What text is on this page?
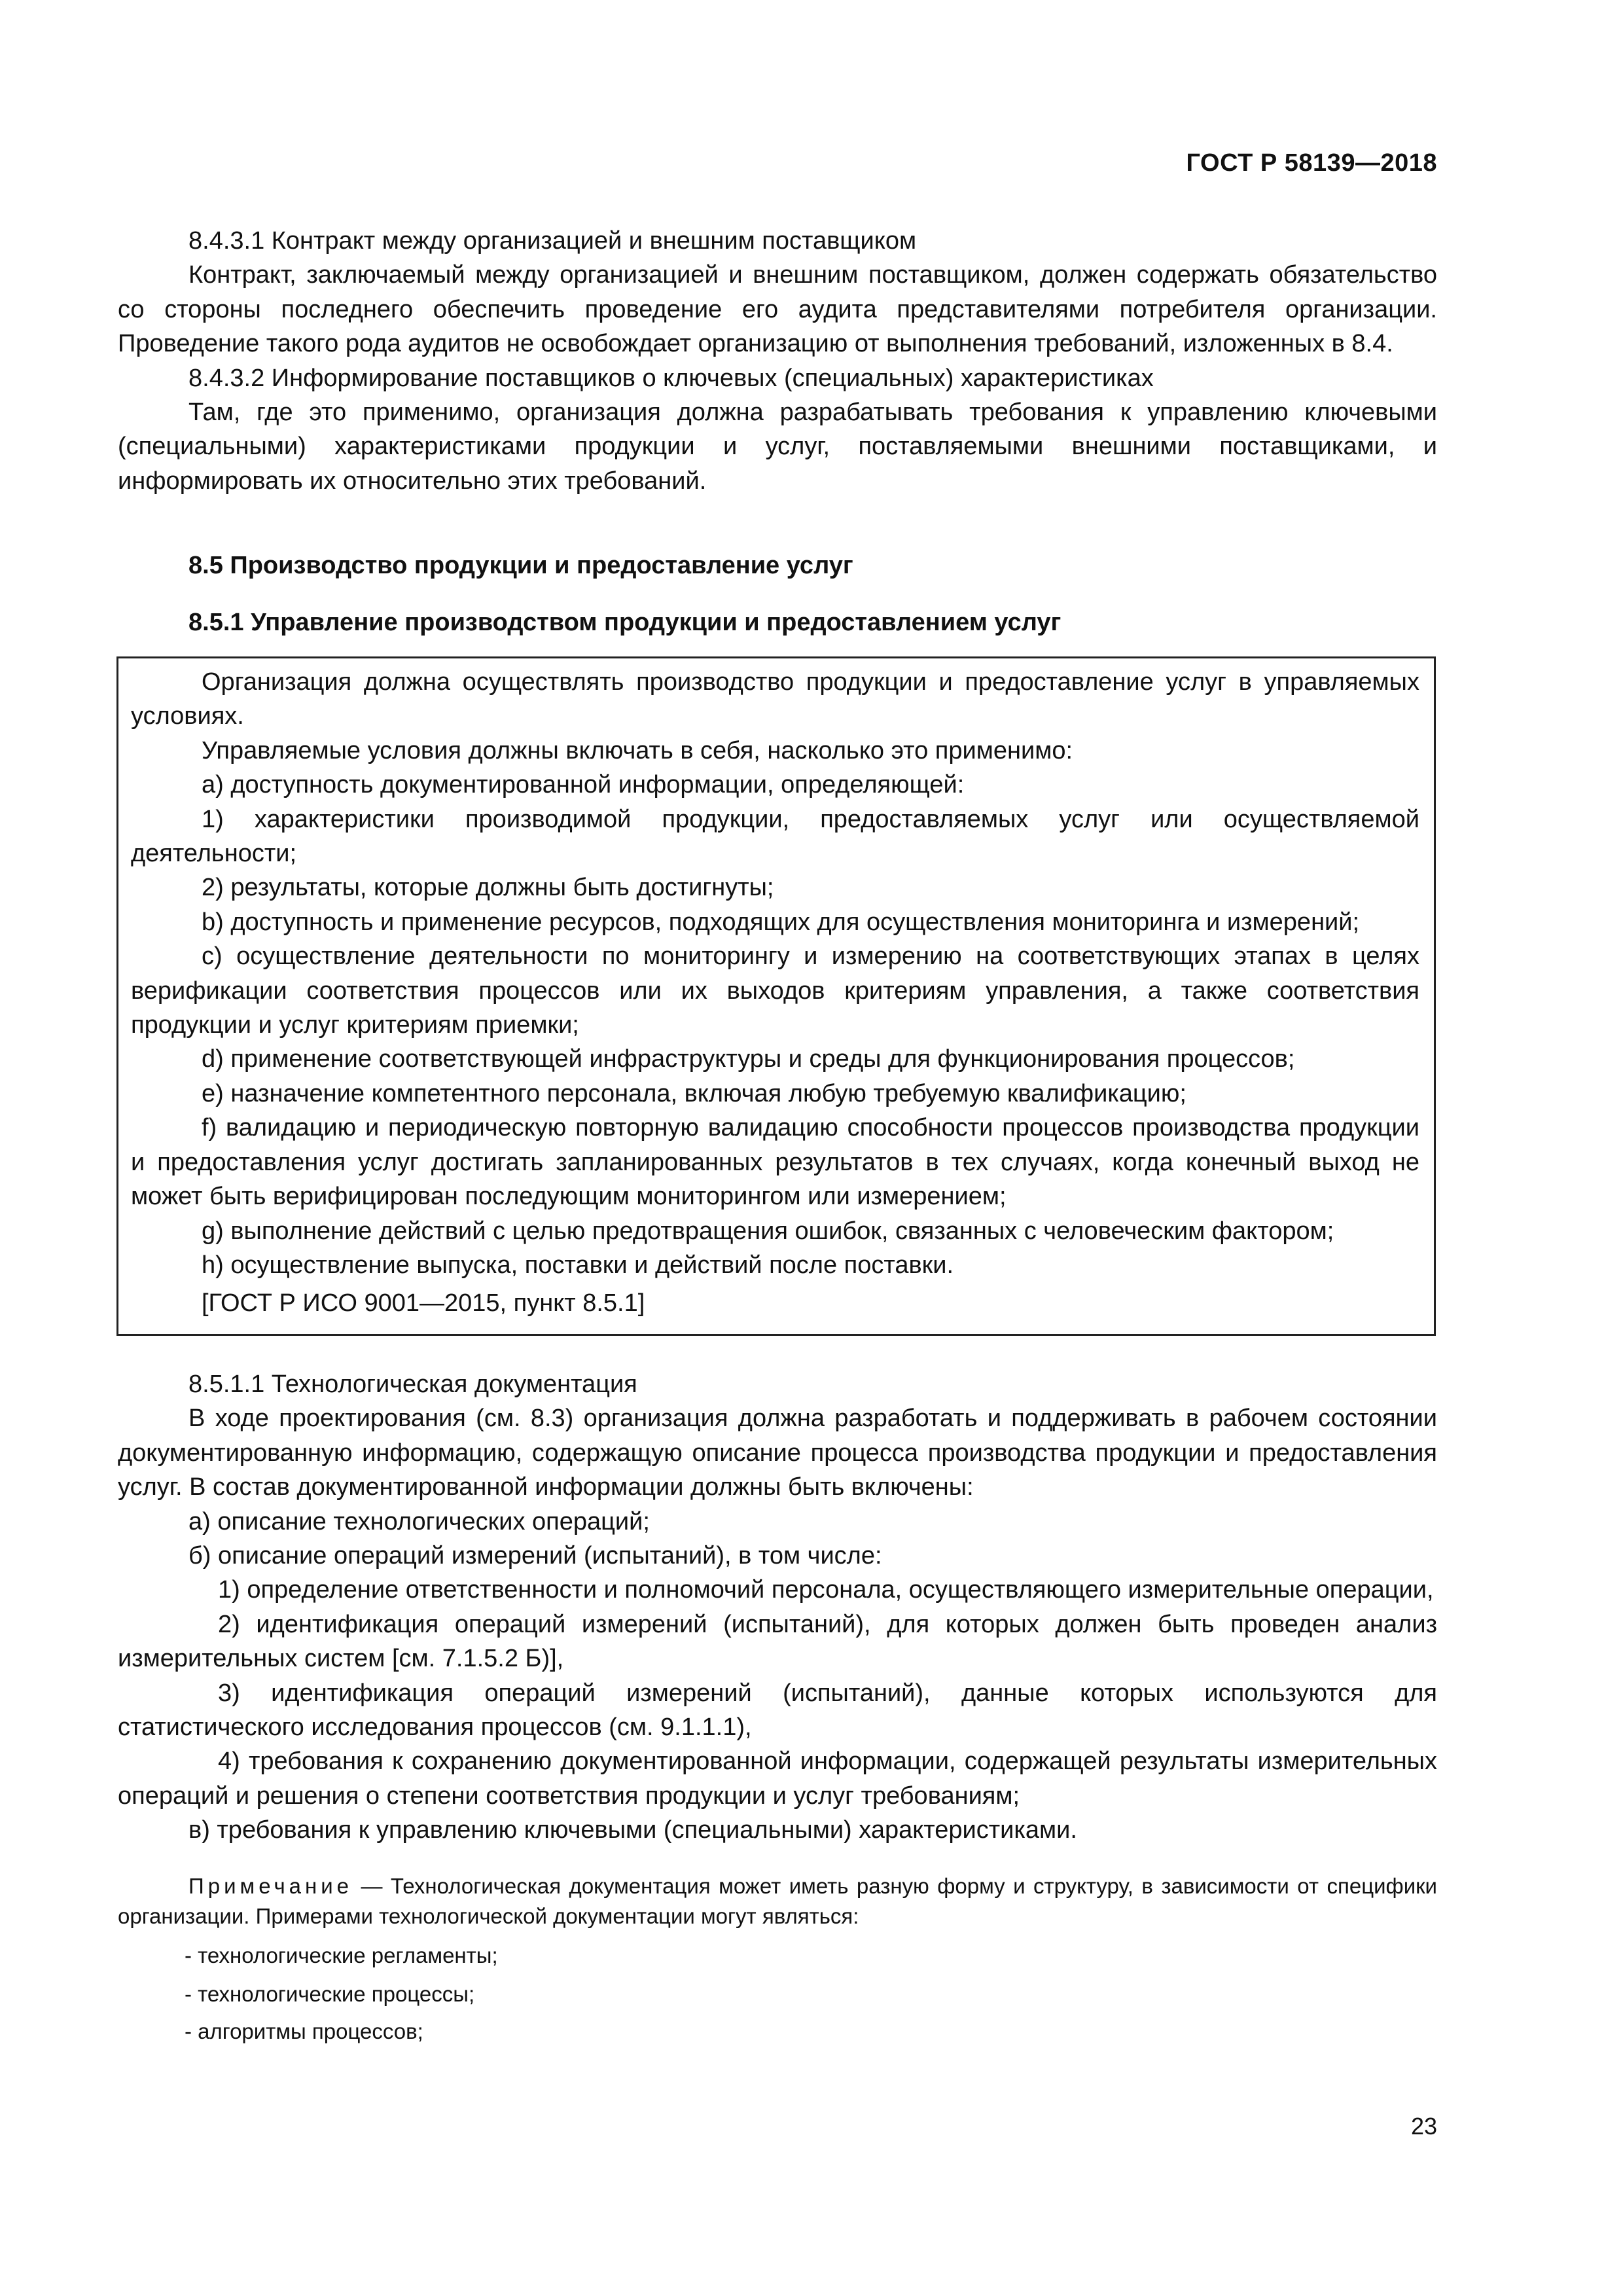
ГОСТ Р 58139—2018

8.4.3.1 Контракт между организацией и внешним поставщиком

Контракт, заключаемый между организацией и внешним поставщиком, должен содержать обязательство со стороны последнего обеспечить проведение его аудита представителями потребителя организации. Проведение такого рода аудитов не освобождает организацию от выполнения требований, изложенных в 8.4.

8.4.3.2 Информирование поставщиков о ключевых (специальных) характеристиках

Там, где это применимо, организация должна разрабатывать требования к управлению ключевыми (специальными) характеристиками продукции и услуг, поставляемыми внешними поставщиками, и информировать их относительно этих требований.

8.5 Производство продукции и предоставление услуг

8.5.1 Управление производством продукции и предоставлением услуг

Организация должна осуществлять производство продукции и предоставление услуг в управляемых условиях.

Управляемые условия должны включать в себя, насколько это применимо:

a) доступность документированной информации, определяющей:

1) характеристики производимой продукции, предоставляемых услуг или осуществляемой деятельности;

2) результаты, которые должны быть достигнуты;

b) доступность и применение ресурсов, подходящих для осуществления мониторинга и измерений;

c) осуществление деятельности по мониторингу и измерению на соответствующих этапах в целях верификации соответствия процессов или их выходов критериям управления, а также соответствия продукции и услуг критериям приемки;

d) применение соответствующей инфраструктуры и среды для функционирования процессов;

e) назначение компетентного персонала, включая любую требуемую квалификацию;

f) валидацию и периодическую повторную валидацию способности процессов производства продукции и предоставления услуг достигать запланированных результатов в тех случаях, когда конечный выход не может быть верифицирован последующим мониторингом или измерением;

g) выполнение действий с целью предотвращения ошибок, связанных с человеческим фактором;

h) осуществление выпуска, поставки и действий после поставки.

[ГОСТ Р ИСО 9001—2015, пункт 8.5.1]

8.5.1.1 Технологическая документация

В ходе проектирования (см. 8.3) организация должна разработать и поддерживать в рабочем состоянии документированную информацию, содержащую описание процесса производства продукции и предоставления услуг. В состав документированной информации должны быть включены:

а) описание технологических операций;

б) описание операций измерений (испытаний), в том числе:

1) определение ответственности и полномочий персонала, осуществляющего измерительные операции,

2) идентификация операций измерений (испытаний), для которых должен быть проведен анализ измерительных систем [см. 7.1.5.2 Б)],

3) идентификация операций измерений (испытаний), данные которых используются для статистического исследования процессов (см. 9.1.1.1),

4) требования к сохранению документированной информации, содержащей результаты измерительных операций и решения о степени соответствия продукции и услуг требованиям;

в) требования к управлению ключевыми (специальными) характеристиками.

Примечание — Технологическая документация может иметь разную форму и структуру, в зависимости от специфики организации. Примерами технологической документации могут являться:

- технологические регламенты;

- технологические процессы;

- алгоритмы процессов;

23
